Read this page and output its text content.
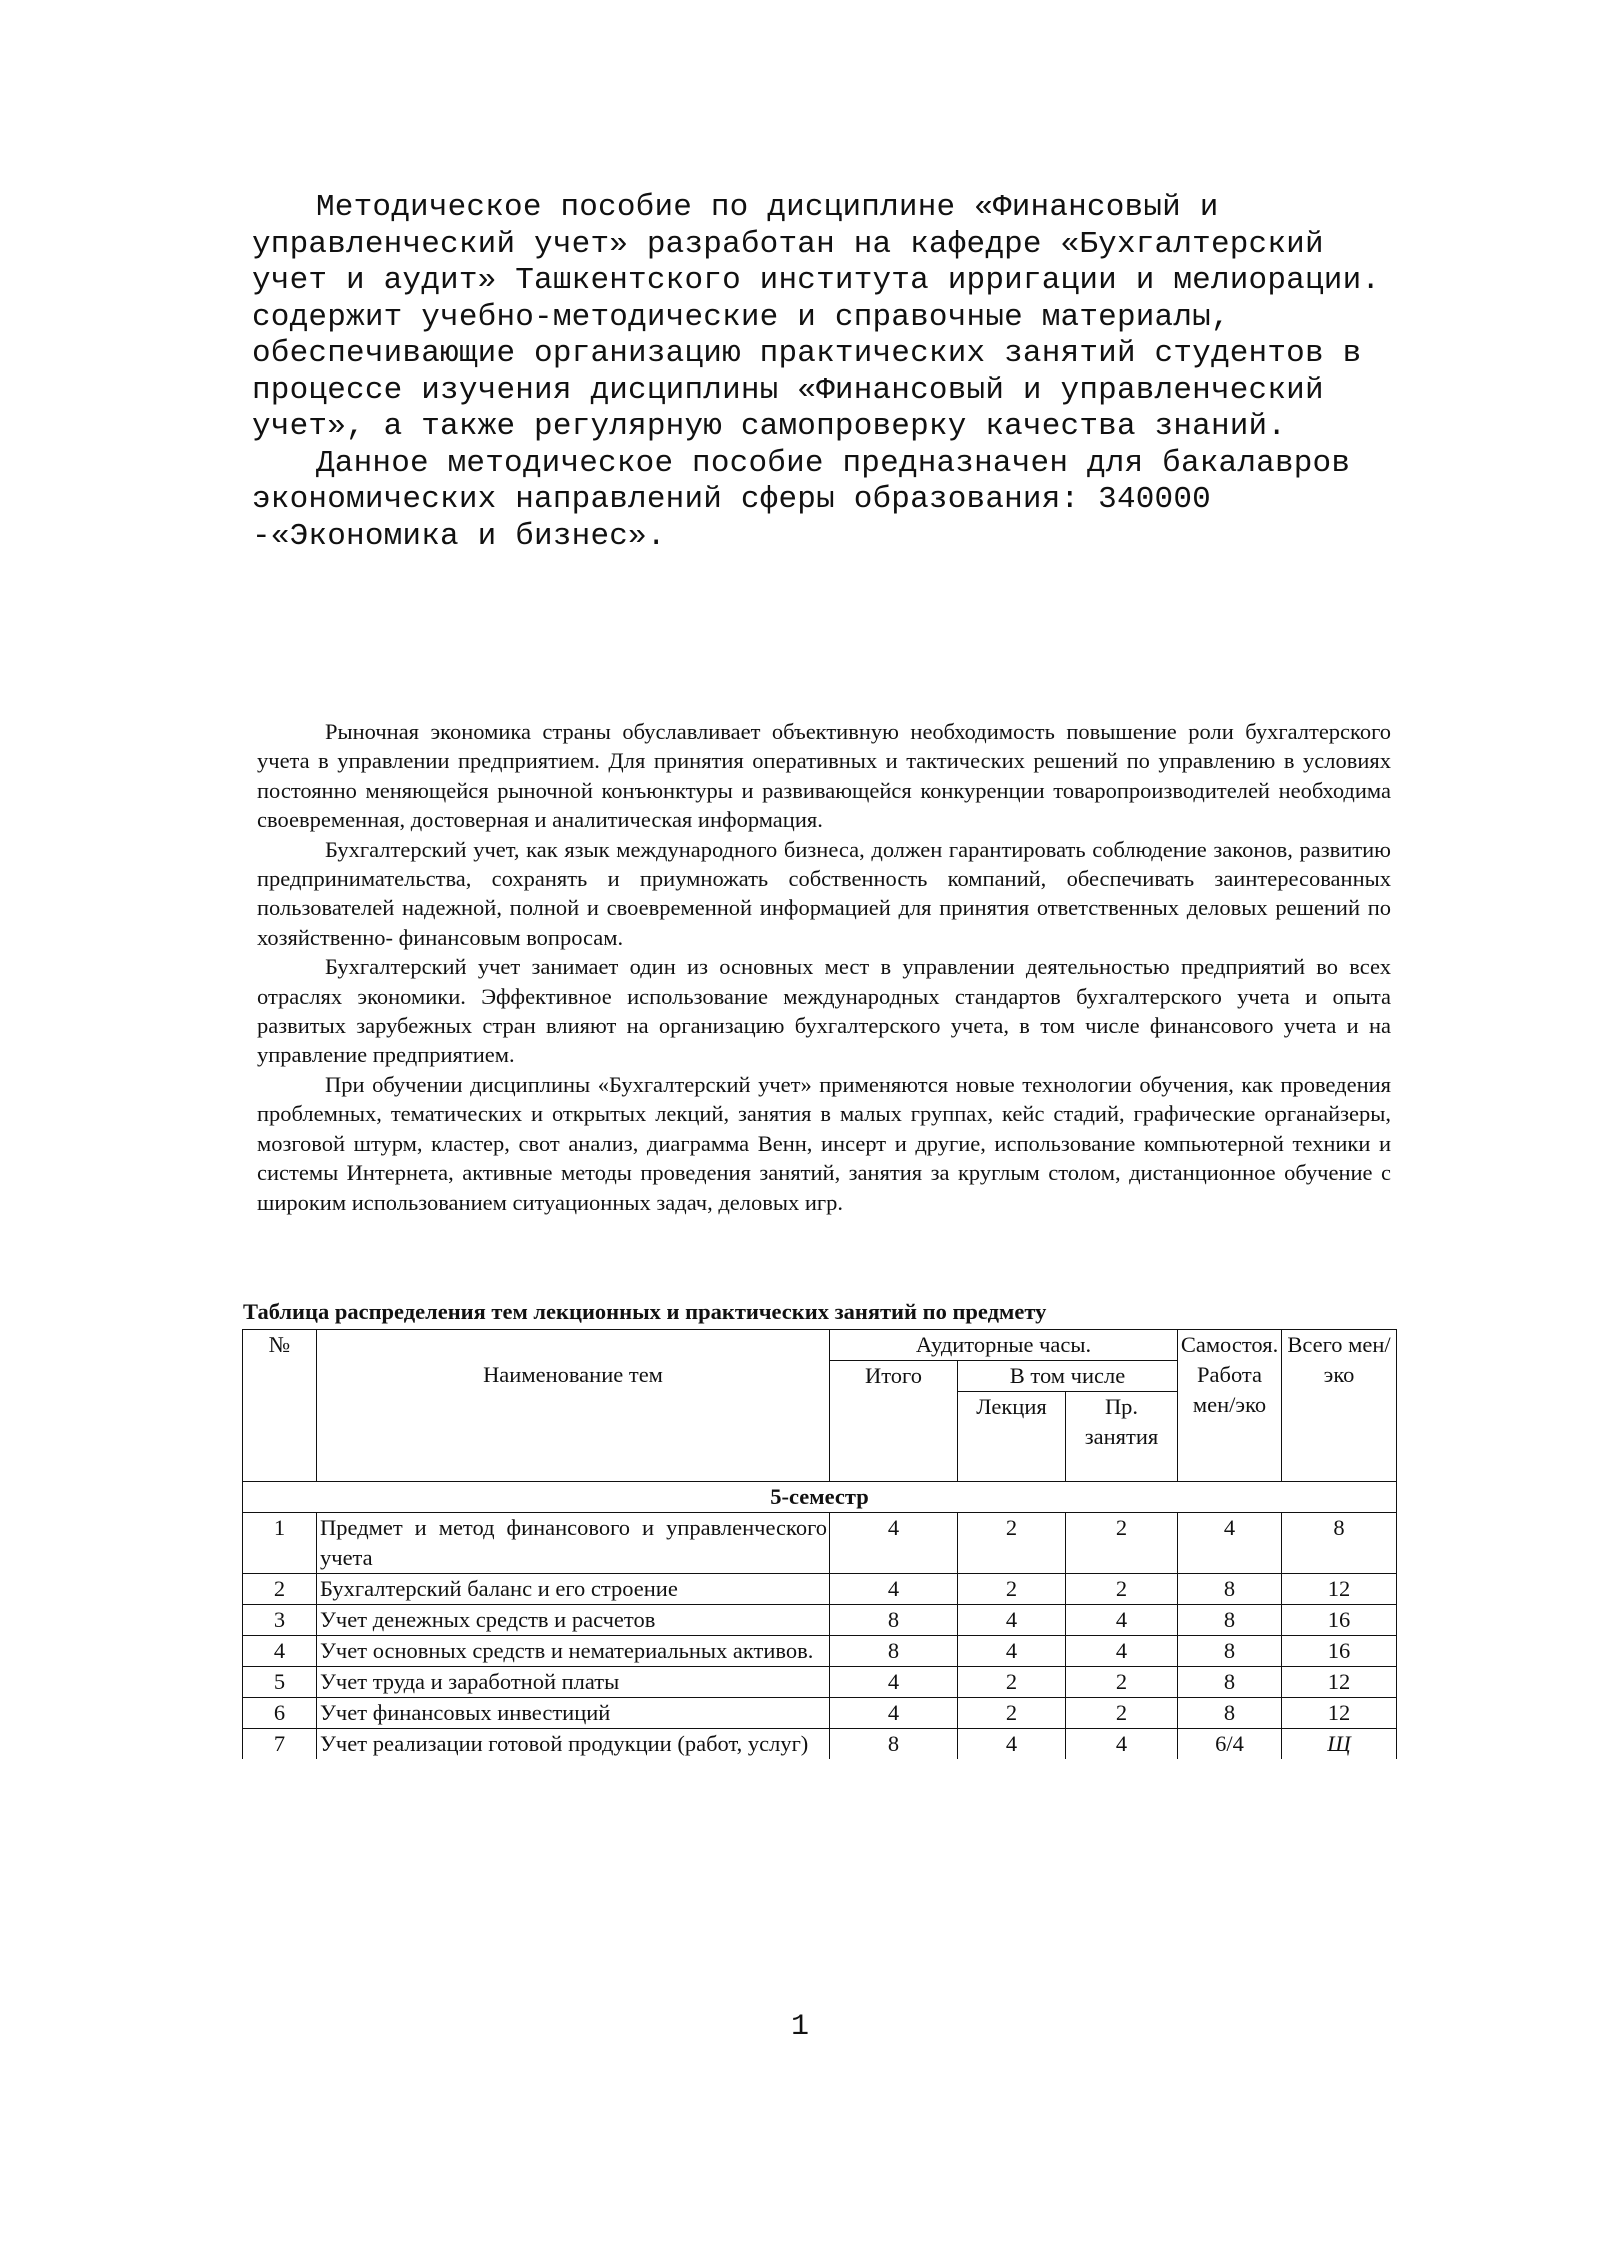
Методическое пособие по дисциплине «Финансовый и управленческий учет» разработан на кафедре «Бухгалтерский учет и аудит» Ташкентского института ирригации и мелиорации. содержит учебно-методические и справочные материалы, обеспечивающие организацию практических занятий студентов в процессе изучения дисциплины «Финансовый и управленческий учет», а также регулярную самопроверку качества знаний.

Данное методическое пособие предназначен для бакалавров экономических направлений сферы образования: 340000 -«Экономика и бизнес».

Рыночная экономика страны обуславливает объективную необходимость повышение роли бухгалтерского учета в управлении предприятием. Для принятия оперативных и тактических решений по управлению в условиях постоянно меняющейся рыночной конъюнктуры и развивающейся конкуренции товаропроизводителей необходима своевременная, достоверная и аналитическая информация.

Бухгалтерский учет, как язык международного бизнеса, должен гарантировать соблюдение законов, развитию предпринимательства, сохранять и приумножать собственность компаний, обеспечивать заинтересованных пользователей надежной, полной и своевременной информацией для принятия ответственных деловых решений по хозяйственно- финансовым вопросам.

Бухгалтерский учет занимает один из основных мест в управлении деятельностью предприятий во всех отраслях экономики. Эффективное использование международных стандартов бухгалтерского учета и опыта развитых зарубежных стран влияют на организацию бухгалтерского учета, в том числе финансового учета и на управление предприятием.

При обучении дисциплины «Бухгалтерский учет» применяются новые технологии обучения, как проведения проблемных, тематических и открытых лекций, занятия в малых группах, кейс стадий, графические органайзеры, мозговой штурм, кластер, свот анализ, диаграмма Венн, инсерт и другие, использование компьютерной техники и системы Интернета, активные методы проведения занятий, занятия за круглым столом, дистанционное обучение с широким использованием ситуационных задач, деловых игр.

Таблица распределения тем лекционных и практических занятий по предмету
№	Наименование тем	Аудиторные часы.			Самостоя. Работа мен/эко	Всего мен/эко
		Итого	В том числе			
			Лекция	Пр. занятия		
5-семестр						
1	Предмет и метод финансового и управленческого учета	4	2	2	4	8
2	Бухгалтерский баланс и его строение	4	2	2	8	12
3	Учет денежных средств и расчетов	8	4	4	8	16
4	Учет основных средств и нематериальных активов.	8	4	4	8	16
5	Учет труда и заработной платы	4	2	2	8	12
6	Учет финансовых инвестиций	4	2	2	8	12
7	Учет реализации готовой продукции (работ, услуг)	8	4	4	6/4	Щ
1
